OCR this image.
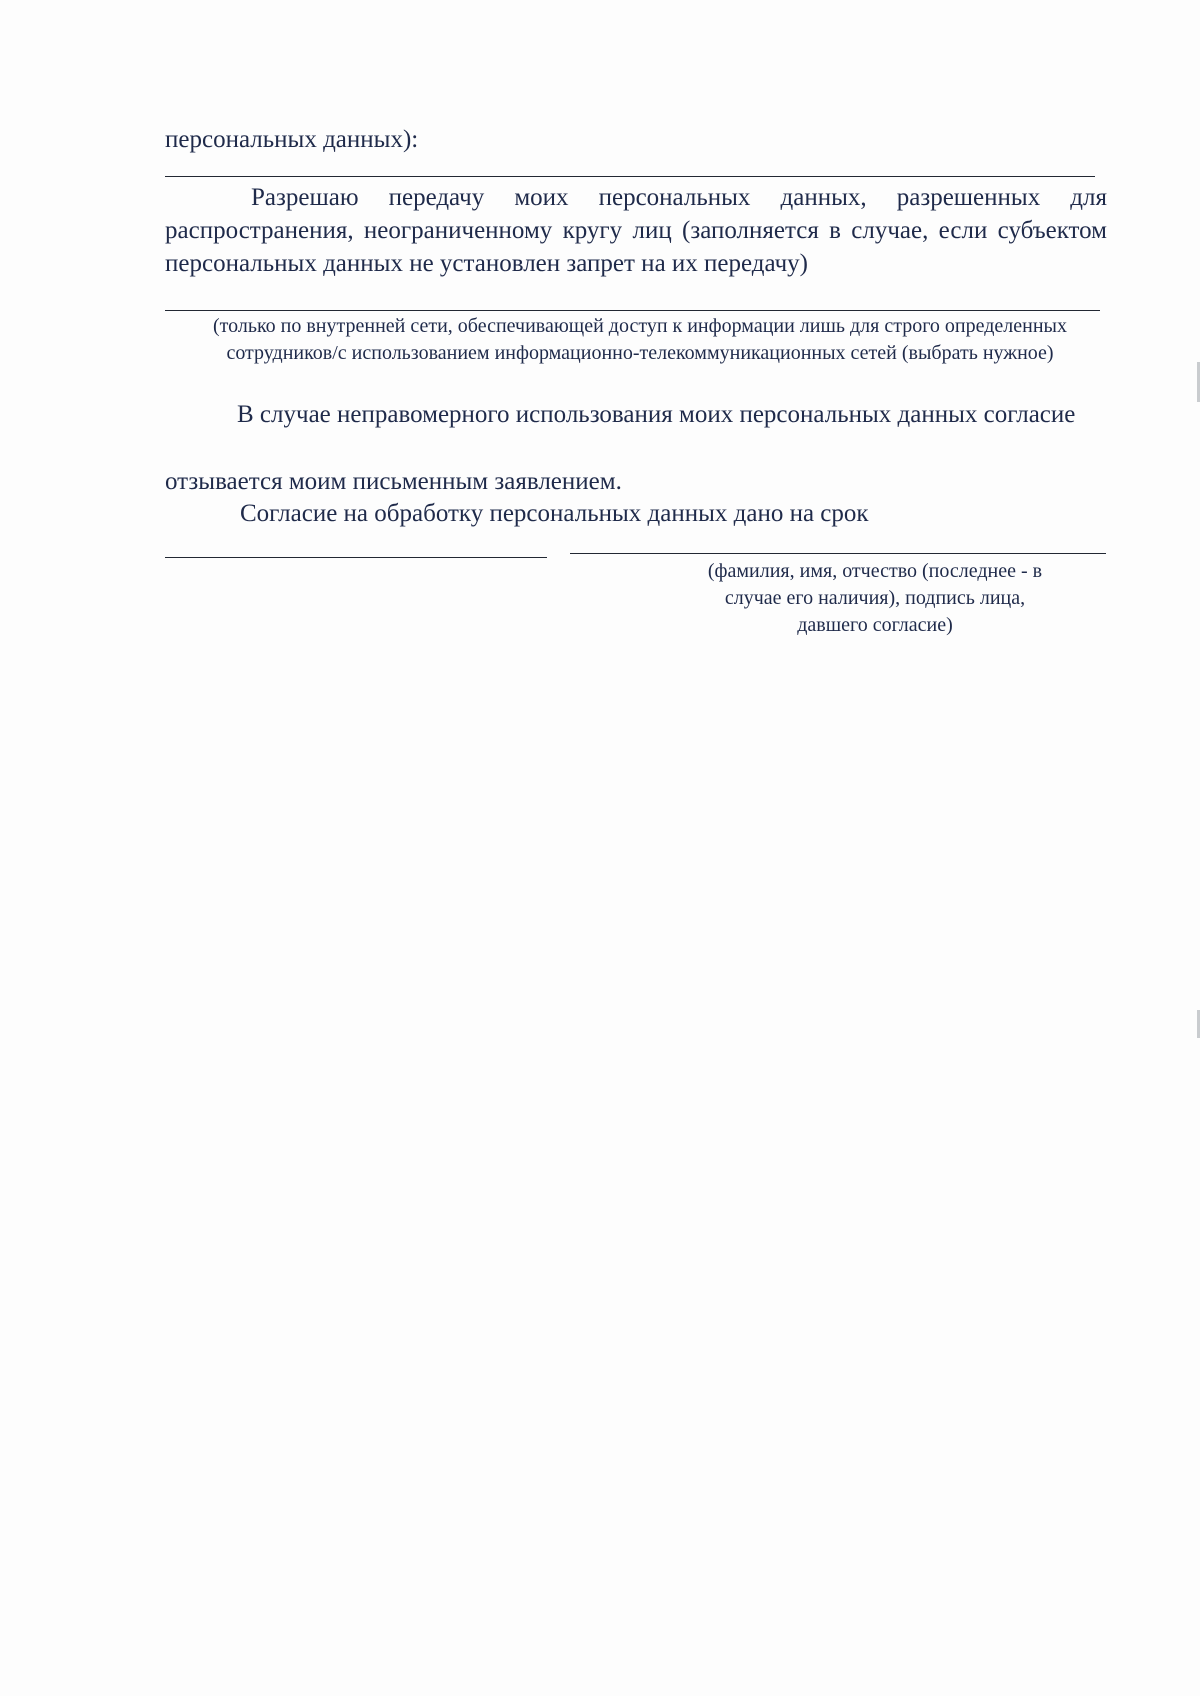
персональных данных):
Разрешаю передачу моих персональных данных, разрешенных для распространения, неограниченному кругу лиц (заполняется в случае, если субъектом персональных данных не установлен запрет на их передачу)
(только по внутренней сети, обеспечивающей доступ к информации лишь для строго определенных сотрудников/с использованием информационно-телекоммуникационных сетей (выбрать нужное)
В случае неправомерного использования моих персональных данных согласие
отзывается моим письменным заявлением.
Согласие на обработку персональных данных дано на срок
(фамилия, имя, отчество (последнее - в случае его наличия), подпись лица, давшего согласие)
